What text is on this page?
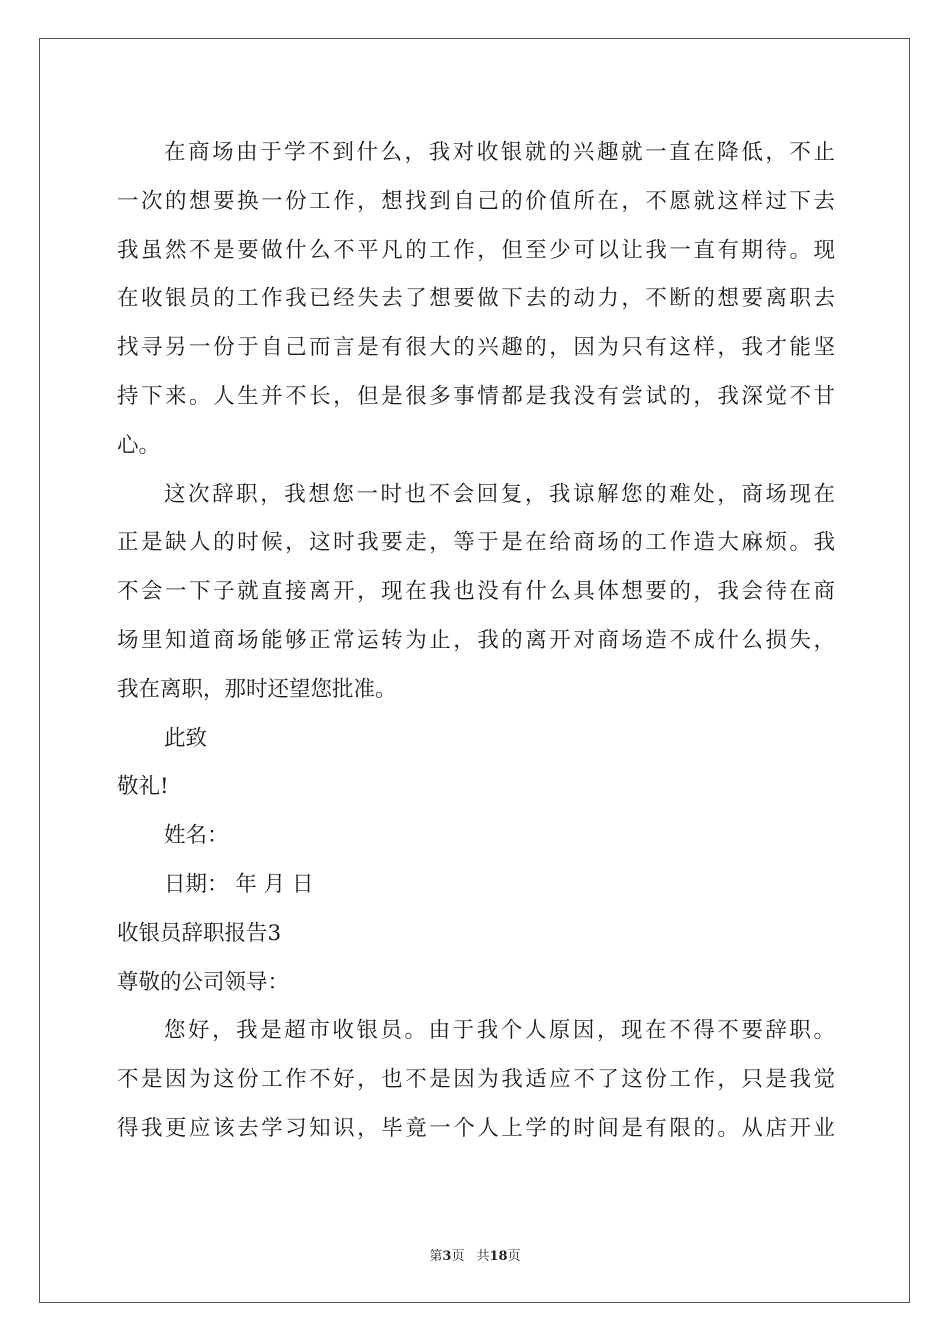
在商场由于学不到什么，我对收银就的兴趣就一直在降低，不止
一次的想要换一份工作，想找到自己的价值所在，不愿就这样过下去
我虽然不是要做什么不平凡的工作，但至少可以让我一直有期待。现
在收银员的工作我已经失去了想要做下去的动力，不断的想要离职去
找寻另一份于自己而言是有很大的兴趣的，因为只有这样，我才能坚
持下来。人生并不长，但是很多事情都是我没有尝试的，我深觉不甘
心。
这次辞职，我想您一时也不会回复，我谅解您的难处，商场现在
正是缺人的时候，这时我要走，等于是在给商场的工作造大麻烦。我
不会一下子就直接离开，现在我也没有什么具体想要的，我会待在商
场里知道商场能够正常运转为止，我的离开对商场造不成什么损失，
我在离职，那时还望您批准。
此致
敬礼!
姓名：
日期： 年 月 日
收银员辞职报告3
尊敬的公司领导：
您好，我是超市收银员。由于我个人原因，现在不得不要辞职。
不是因为这份工作不好，也不是因为我适应不了这份工作，只是我觉
得我更应该去学习知识，毕竟一个人上学的时间是有限的。从店开业
第3页 共18页
